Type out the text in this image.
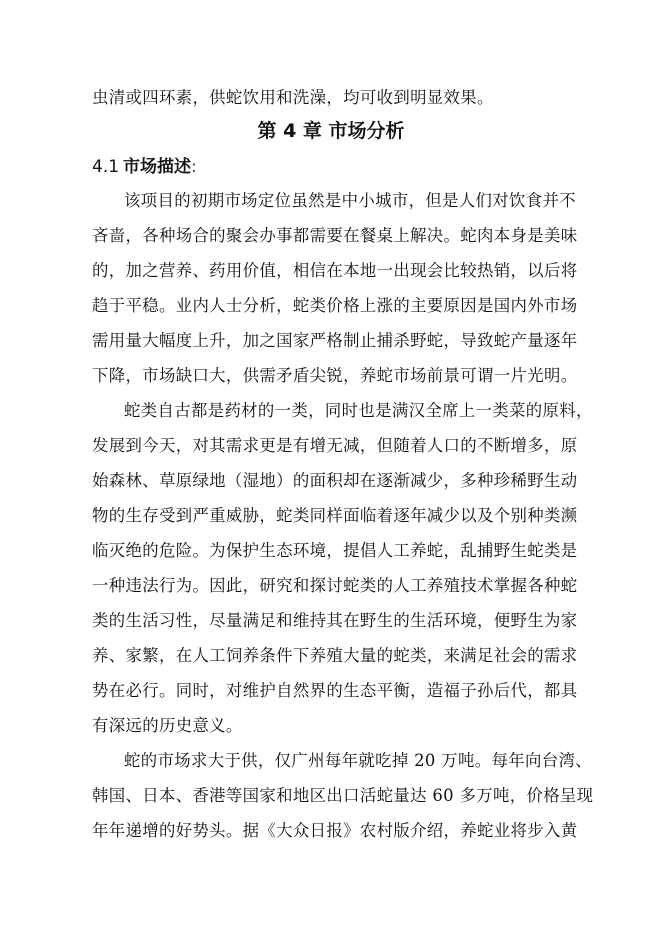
虫清或四环素，供蛇饮用和洗澡，均可收到明显效果。
第 4 章 市场分析
4.1 市场描述:
该项目的初期市场定位虽然是中小城市，但是人们对饮食并不
吝啬，各种场合的聚会办事都需要在餐桌上解决。蛇肉本身是美味
的，加之营养、药用价值，相信在本地一出现会比较热销，以后将
趋于平稳。业内人士分析，蛇类价格上涨的主要原因是国内外市场
需用量大幅度上升，加之国家严格制止捕杀野蛇，导致蛇产量逐年
下降，市场缺口大，供需矛盾尖锐，养蛇市场前景可谓一片光明。
蛇类自古都是药材的一类，同时也是满汉全席上一类菜的原料，
发展到今天，对其需求更是有增无减，但随着人口的不断增多，原
始森林、草原绿地（湿地）的面积却在逐渐减少，多种珍稀野生动
物的生存受到严重威胁，蛇类同样面临着逐年减少以及个别种类濒
临灭绝的危险。为保护生态环境，提倡人工养蛇，乱捕野生蛇类是
一种违法行为。因此，研究和探讨蛇类的人工养殖技术掌握各种蛇
类的生活习性，尽量满足和维持其在野生的生活环境，便野生为家
养、家繁，在人工饲养条件下养殖大量的蛇类，来满足社会的需求
势在必行。同时，对维护自然界的生态平衡，造福子孙后代，都具
有深远的历史意义。
蛇的市场求大于供，仅广州每年就吃掉 20 万吨。每年向台湾、
韩国、日本、香港等国家和地区出口活蛇量达 60 多万吨，价格呈现
年年递增的好势头。据《大众日报》农村版介绍，养蛇业将步入黄
